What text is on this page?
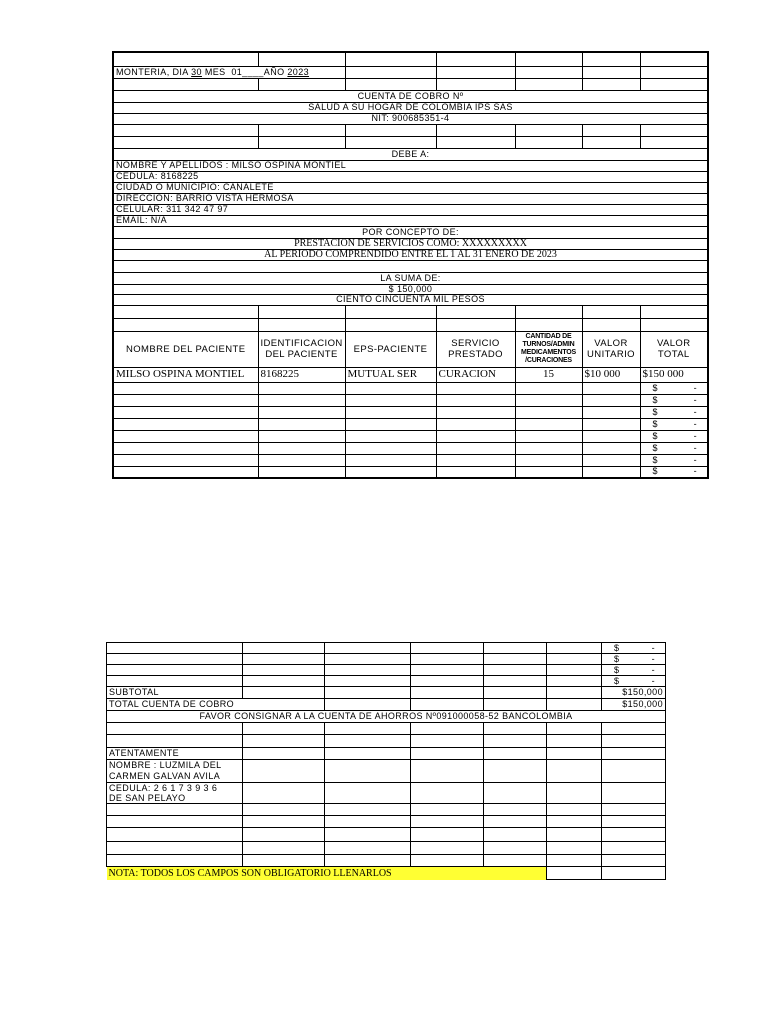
MONTERIA, DIA 30 MES 01____AÑO 2023						

CUENTA DE COBRO Nº						
SALUD A SU HOGAR DE COLOMBIA IPS SAS						
NIT: 900685351-4						

DEBE A:						
NOMBRE Y APELLIDOS : MILSO OSPINA MONTIEL						
CEDULA: 8168225						
CIUDAD O MUNICIPIO: CANALETE						
DIRECCION: BARRIO VISTA HERMOSA						
CELULAR: 311 342 47 97						
EMAIL: N/A						
POR CONCEPTO DE:						
PRESTACION DE SERVICIOS COMO: XXXXXXXXX						
AL PERIODO COMPRENDIDO ENTRE EL 1 AL 31 ENERO DE 2023						

LA SUMA DE:						
$ 150,000						
CIENTO CINCUENTA MIL PESOS						

NOMBRE DEL PACIENTE	IDENTIFICACION DEL PACIENTE	EPS-PACIENTE	SERVICIO PRESTADO	CANTIDAD DE TURNOS/ADMIN MEDICAMENTOS /CURACIONES	VALOR UNITARIO	VALOR TOTAL
MILSO OSPINA MONTIEL	8168225	MUTUAL SER	CURACION	15	$10 000	$150 000

						$ -

						$ -

						$ -

						$ -

						$ -

						$ -

						$ -

						$ -

						$ -

						$ -

						$ -

						$ -

SUBTOTAL						$150,000
TOTAL CUENTA DE COBRO						$150,000
FAVOR CONSIGNAR A LA CUENTA DE AHORROS Nº091000058-52 BANCOLOMBIA						

ATENTAMENTE						

NOMBRE : LUZMILA DEL
CARMEN GALVAN AVILA						

CEDULA: 2 6 1 7 3 9 3 6
DE SAN PELAYO						

NOTA: TODOS LOS CAMPOS SON OBLIGATORIO LLENARLOS						
